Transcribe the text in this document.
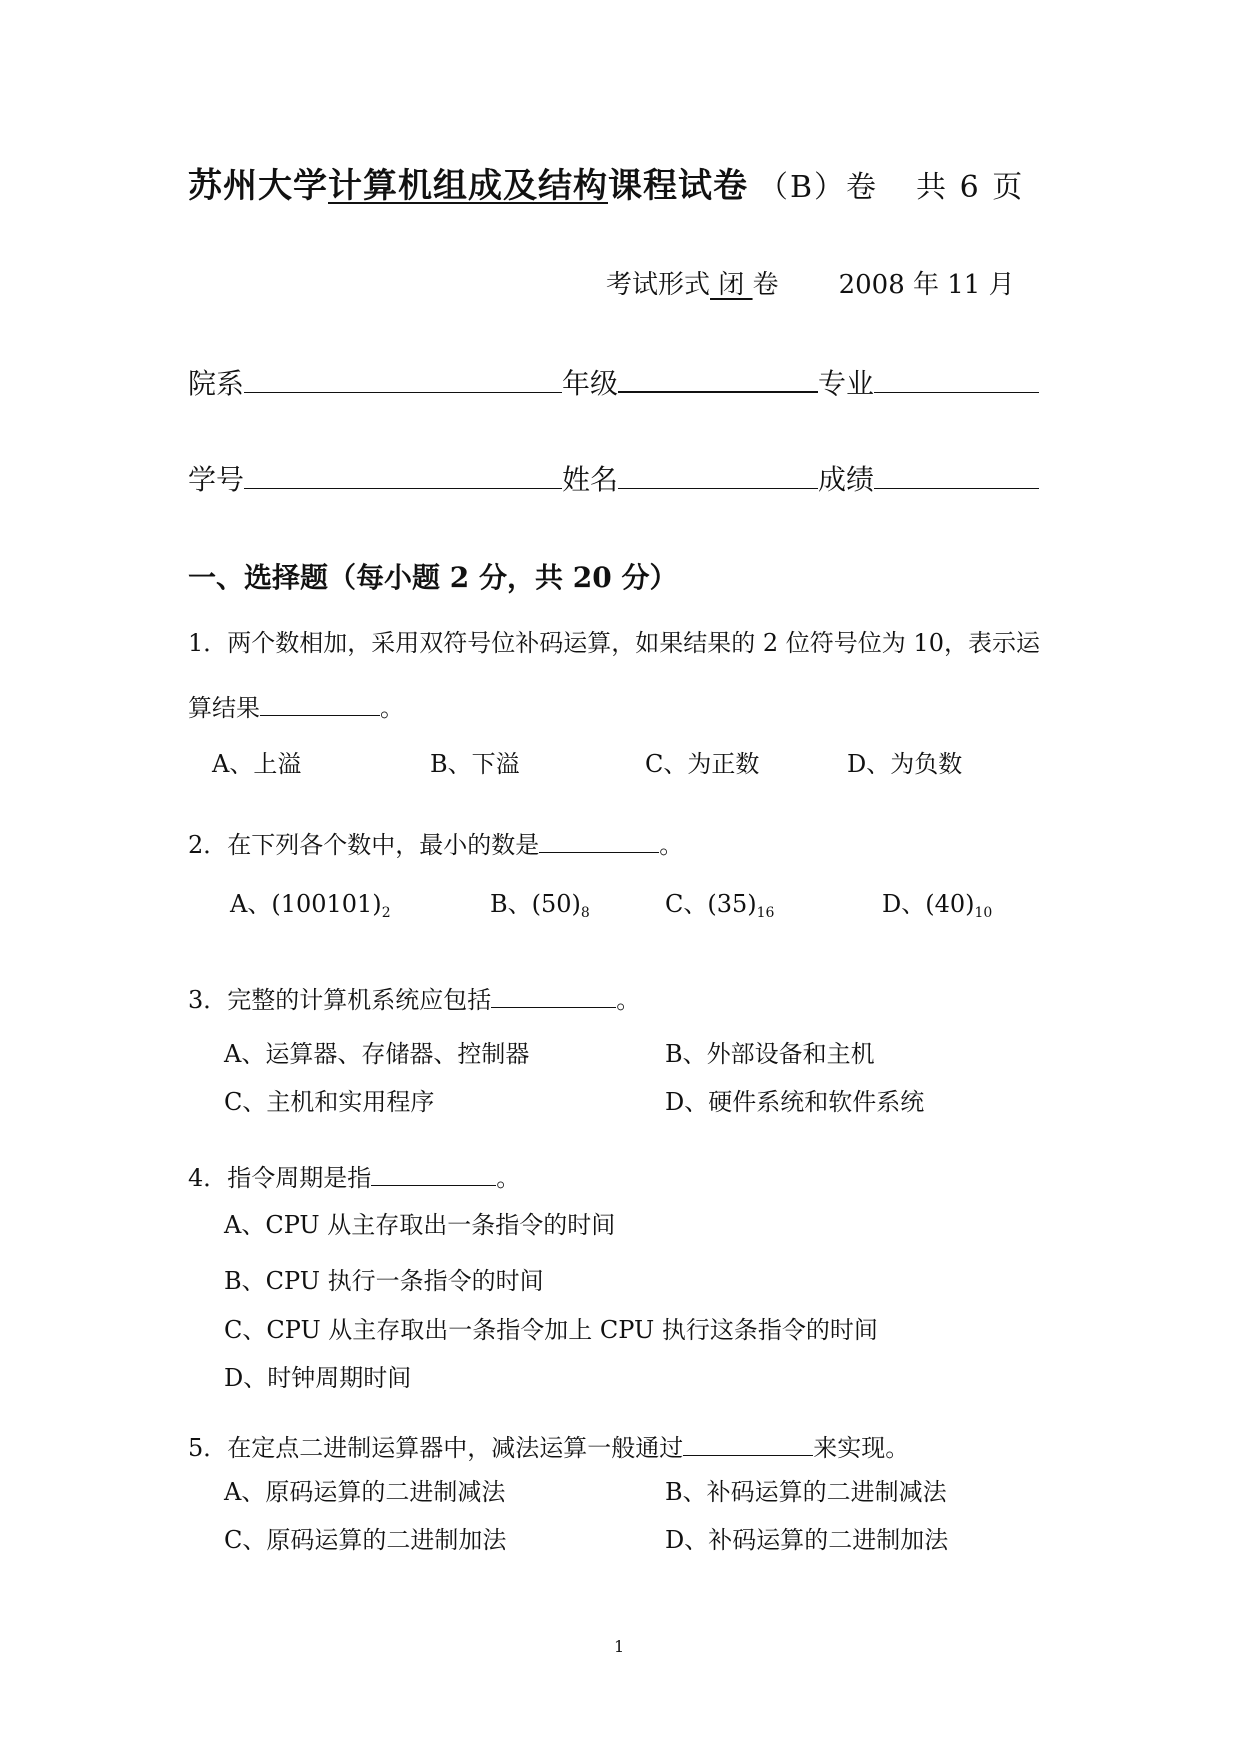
苏州大学计算机组成及结构课程试卷 （B）卷 共 6 页
考试形式 闭 卷 2008 年 11 月
院系	年级	专业
学号	姓名	成绩
一、选择题（每小题 2 分，共 20 分）
1．两个数相加，采用双符号位补码运算，如果结果的 2 位符号位为 10，表示运
算结果	。
A、上溢	B、下溢	C、为正数	D、为负数
2．在下列各个数中，最小的数是	。
A、$(100101)_2$	B、$(50)_8$	C、$(35)_{16}$	D、$(40)_{10}$
3．完整的计算机系统应包括	。
A、运算器、存储器、控制器	B、外部设备和主机
C、主机和实用程序	D、硬件系统和软件系统
4．指令周期是指	。
A、CPU 从主存取出一条指令的时间
B、CPU 执行一条指令的时间
C、CPU 从主存取出一条指令加上 CPU 执行这条指令的时间
D、时钟周期时间
5．在定点二进制运算器中，减法运算一般通过	来实现。
A、原码运算的二进制减法	B、补码运算的二进制减法
C、原码运算的二进制加法	D、补码运算的二进制加法
1
